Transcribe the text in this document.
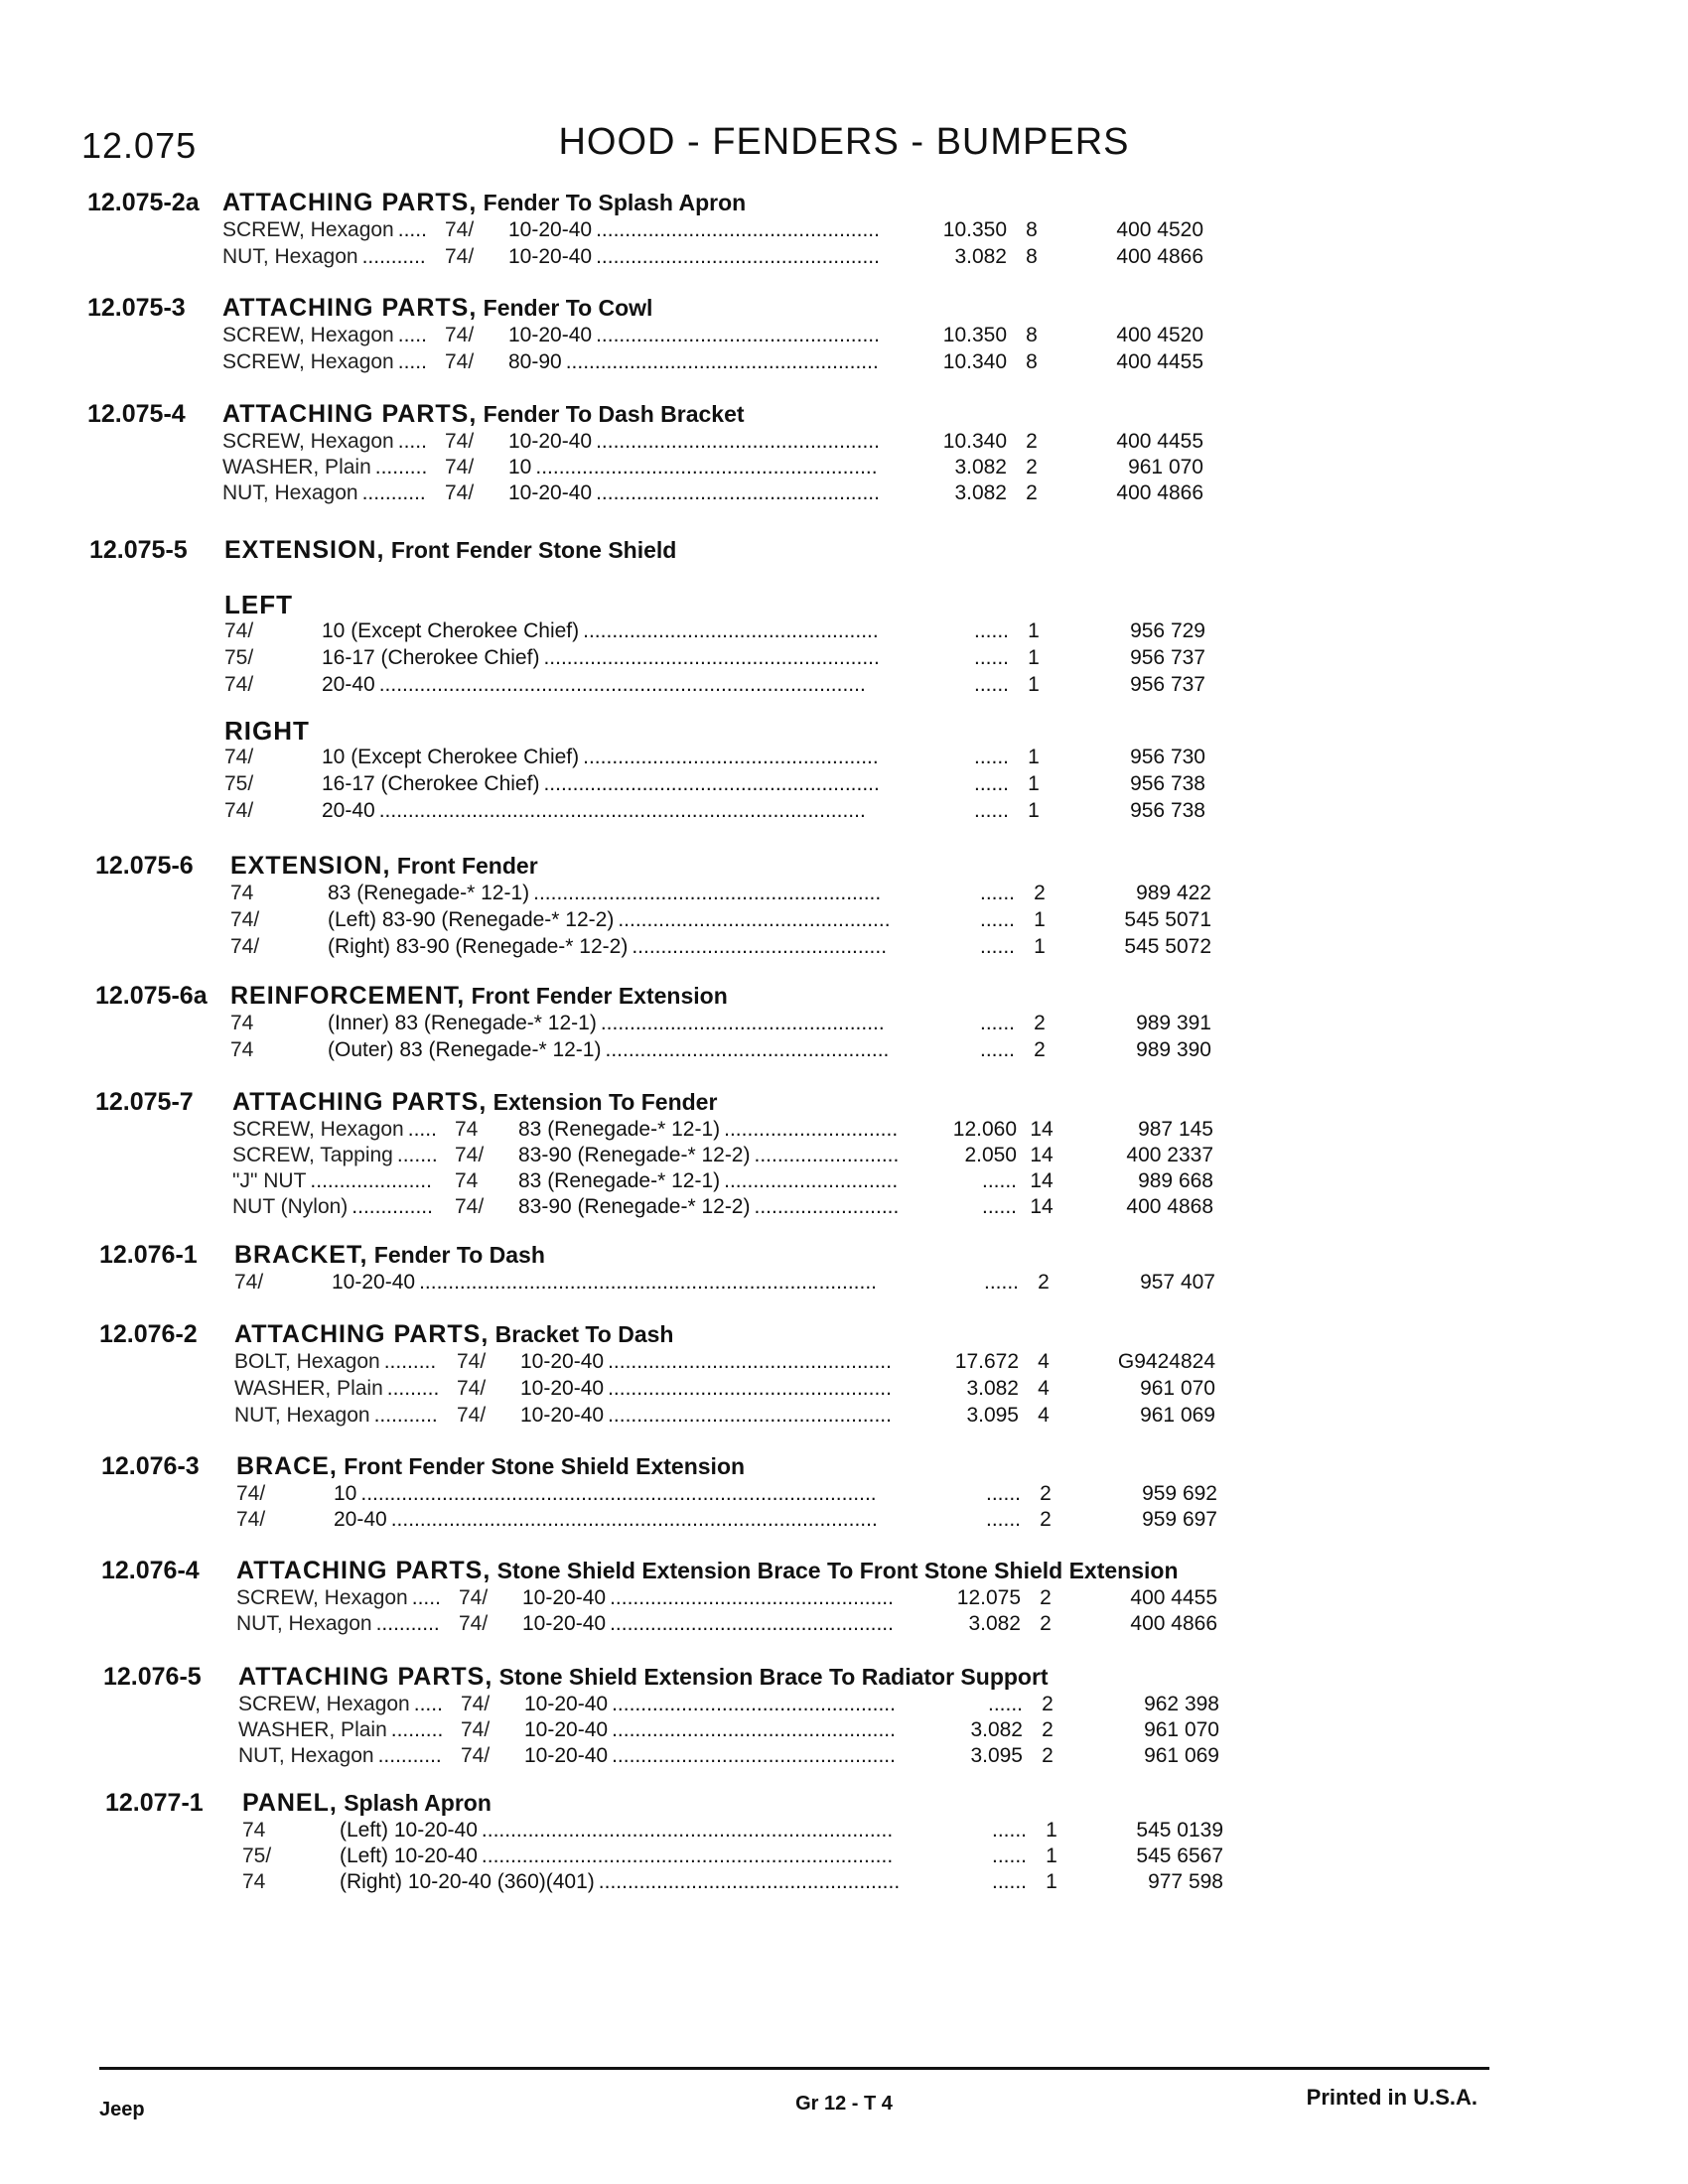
12.075	HOOD - FENDERS - BUMPERS
12.075-2a ATTACHING PARTS, Fender To Splash Apron
SCREW, Hexagon ..... 74/ 10-20-40 .................................................	10.350 8	400 4520
NUT, Hexagon ........... 74/ 10-20-40 .................................................	3.082 8	400 4866
12.075-3 ATTACHING PARTS, Fender To Cowl
SCREW, Hexagon ..... 74/ 10-20-40 .................................................	10.350 8	400 4520
SCREW, Hexagon ..... 74/ 80-90 ......................................................	10.340 8	400 4455
12.075-4 ATTACHING PARTS, Fender To Dash Bracket
SCREW, Hexagon ..... 74/ 10-20-40 .................................................	10.340 2	400 4455
WASHER, Plain ......... 74/ 10 ...........................................................	3.082 2	961 070
NUT, Hexagon ........... 74/ 10-20-40 .................................................	3.082 2	400 4866
12.075-5 EXTENSION, Front Fender Stone Shield
LEFT
74/	10 (Except Cherokee Chief) ...................................................	...... 1	956 729
75/	16-17 (Cherokee Chief) ..........................................................	...... 1	956 737
74/	20-40 ....................................................................................	...... 1	956 737
RIGHT
74/	10 (Except Cherokee Chief) ...................................................	...... 1	956 730
75/	16-17 (Cherokee Chief) ..........................................................	...... 1	956 738
74/	20-40 ....................................................................................	...... 1	956 738
12.075-6 EXTENSION, Front Fender
74	83 (Renegade-* 12-1) ............................................................	...... 2	989 422
74/	(Left) 83-90 (Renegade-* 12-2) ...............................................	...... 1	545 5071
74/	(Right) 83-90 (Renegade-* 12-2) ............................................	...... 1	545 5072
12.075-6a REINFORCEMENT, Front Fender Extension
74	(Inner) 83 (Renegade-* 12-1) .................................................	...... 2	989 391
74	(Outer) 83 (Renegade-* 12-1) .................................................	...... 2	989 390
12.075-7 ATTACHING PARTS, Extension To Fender
SCREW, Hexagon ..... 74 83 (Renegade-* 12-1) ..............................	12.060 14	987 145
SCREW, Tapping ....... 74/ 83-90 (Renegade-* 12-2) .........................	2.050 14	400 2337
"J" NUT .....................	74 83 (Renegade-* 12-1) ..............................	...... 14	989 668
NUT (Nylon) ..............	74/ 83-90 (Renegade-* 12-2) .........................	...... 14	400 4868
12.076-1 BRACKET, Fender To Dash
74/	10-20-40 ...............................................................................	...... 2	957 407
12.076-2 ATTACHING PARTS, Bracket To Dash
BOLT, Hexagon ......... 74/ 10-20-40 .................................................	17.672 4	G9424824
WASHER, Plain ......... 74/ 10-20-40 .................................................	3.082 4	961 070
NUT, Hexagon ........... 74/ 10-20-40 .................................................	3.095 4	961 069
12.076-3 BRACE, Front Fender Stone Shield Extension
74/	10 .........................................................................................	...... 2	959 692
74/	20-40 ....................................................................................	...... 2	959 697
12.076-4 ATTACHING PARTS, Stone Shield Extension Brace To Front Stone Shield Extension
SCREW, Hexagon ..... 74/ 10-20-40 .................................................	12.075 2	400 4455
NUT, Hexagon ........... 74/ 10-20-40 .................................................	3.082 2	400 4866
12.076-5 ATTACHING PARTS, Stone Shield Extension Brace To Radiator Support
SCREW, Hexagon ..... 74/ 10-20-40 .................................................	...... 2	962 398
WASHER, Plain ......... 74/ 10-20-40 .................................................	3.082 2	961 070
NUT, Hexagon ........... 74/ 10-20-40 .................................................	3.095 2	961 069
12.077-1 PANEL, Splash Apron
74	(Left) 10-20-40 .......................................................................	...... 1	545 0139
75/	(Left) 10-20-40 .......................................................................	...... 1	545 6567
74	(Right) 10-20-40 (360)(401) ....................................................	...... 1	977 598
Jeep	Gr 12 - T 4	Printed in U.S.A.
